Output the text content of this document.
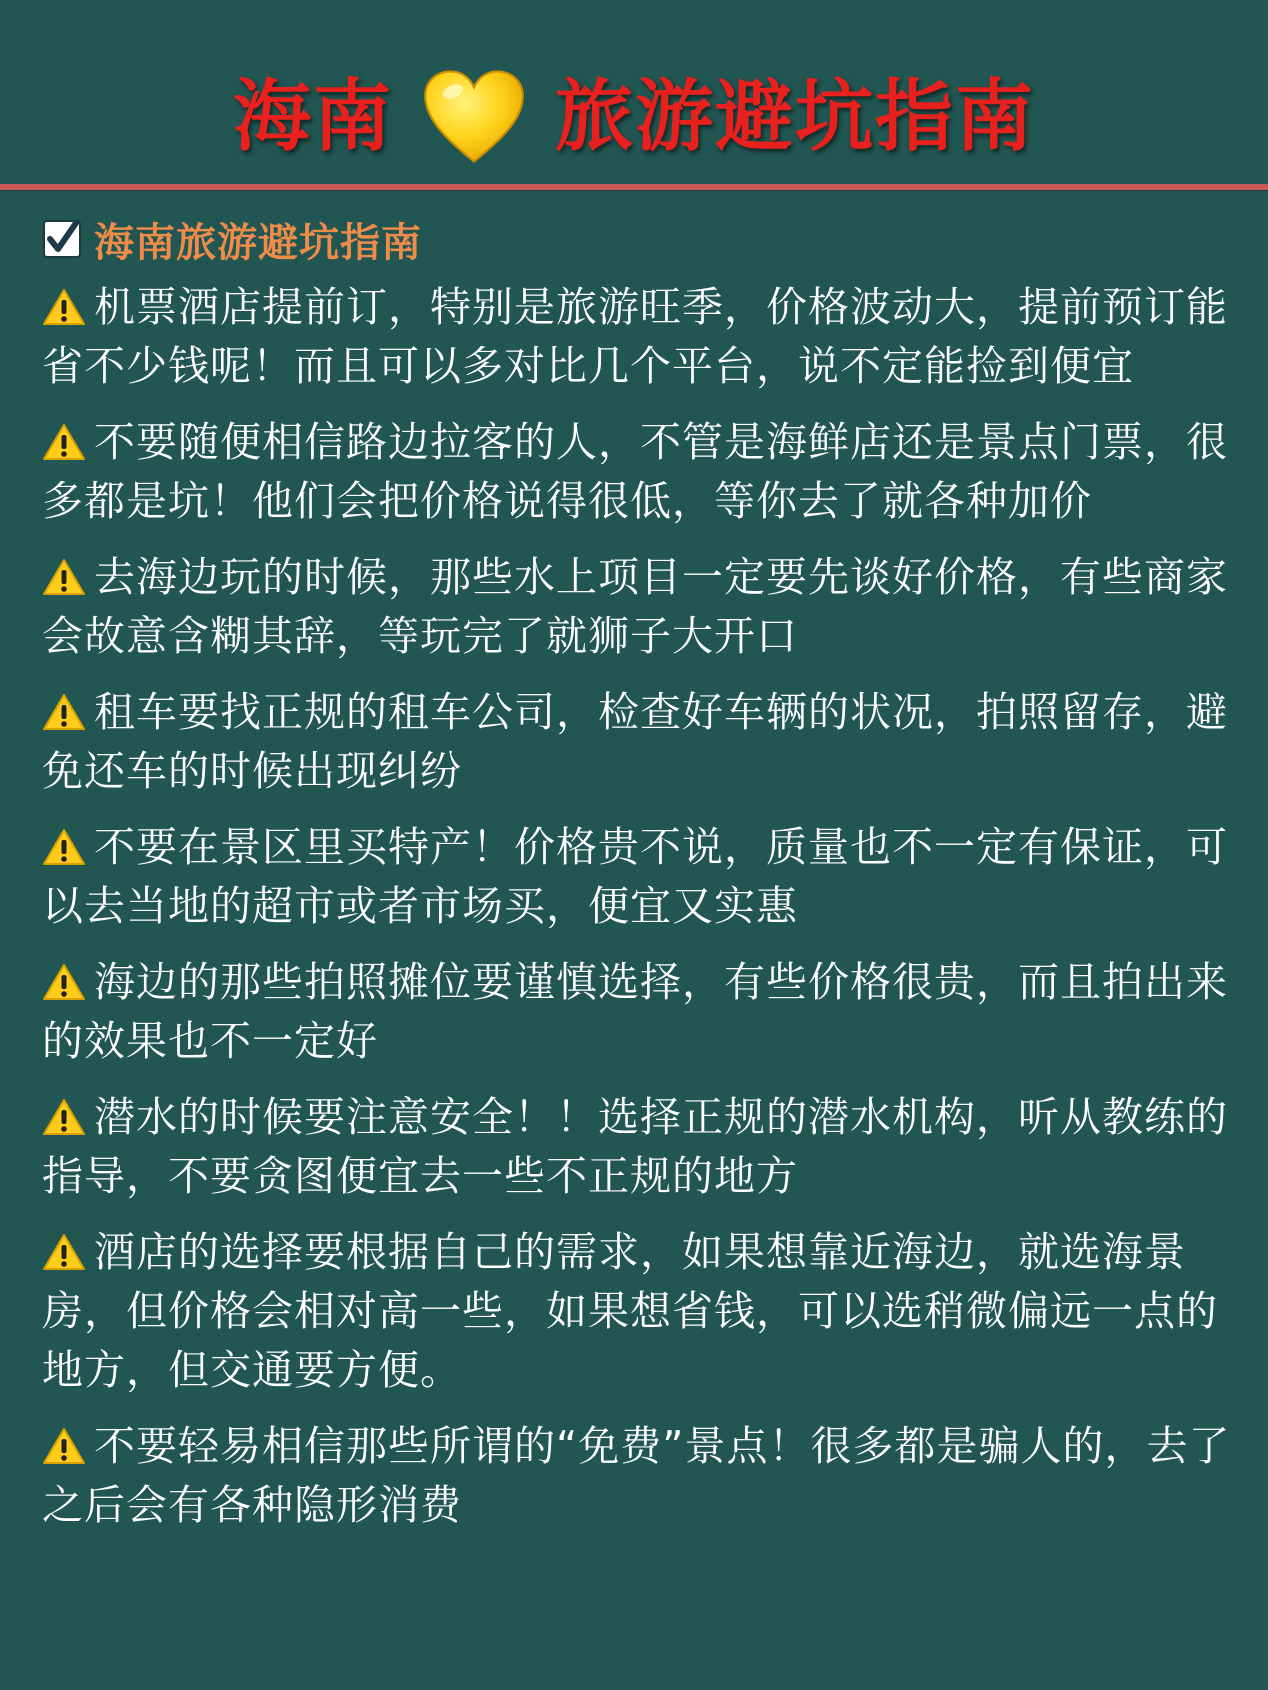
海南 旅游避坑指南
海南旅游避坑指南
机票酒店提前订，特别是旅游旺季，价格波动大，提前预订能省不少钱呢！而且可以多对比几个平台，说不定能捡到便宜
不要随便相信路边拉客的人，不管是海鲜店还是景点门票，很多都是坑！他们会把价格说得很低，等你去了就各种加价
去海边玩的时候，那些水上项目一定要先谈好价格，有些商家会故意含糊其辞，等玩完了就狮子大开口
租车要找正规的租车公司，检查好车辆的状况，拍照留存，避免还车的时候出现纠纷
不要在景区里买特产！价格贵不说，质量也不一定有保证，可以去当地的超市或者市场买，便宜又实惠
海边的那些拍照摊位要谨慎选择，有些价格很贵，而且拍出来的效果也不一定好
潜水的时候要注意安全！！选择正规的潜水机构，听从教练的指导，不要贪图便宜去一些不正规的地方
酒店的选择要根据自己的需求，如果想靠近海边，就选海景房，但价格会相对高一些，如果想省钱，可以选稍微偏远一点的地方，但交通要方便。
不要轻易相信那些所谓的“免费”景点！很多都是骗人的，去了之后会有各种隐形消费
